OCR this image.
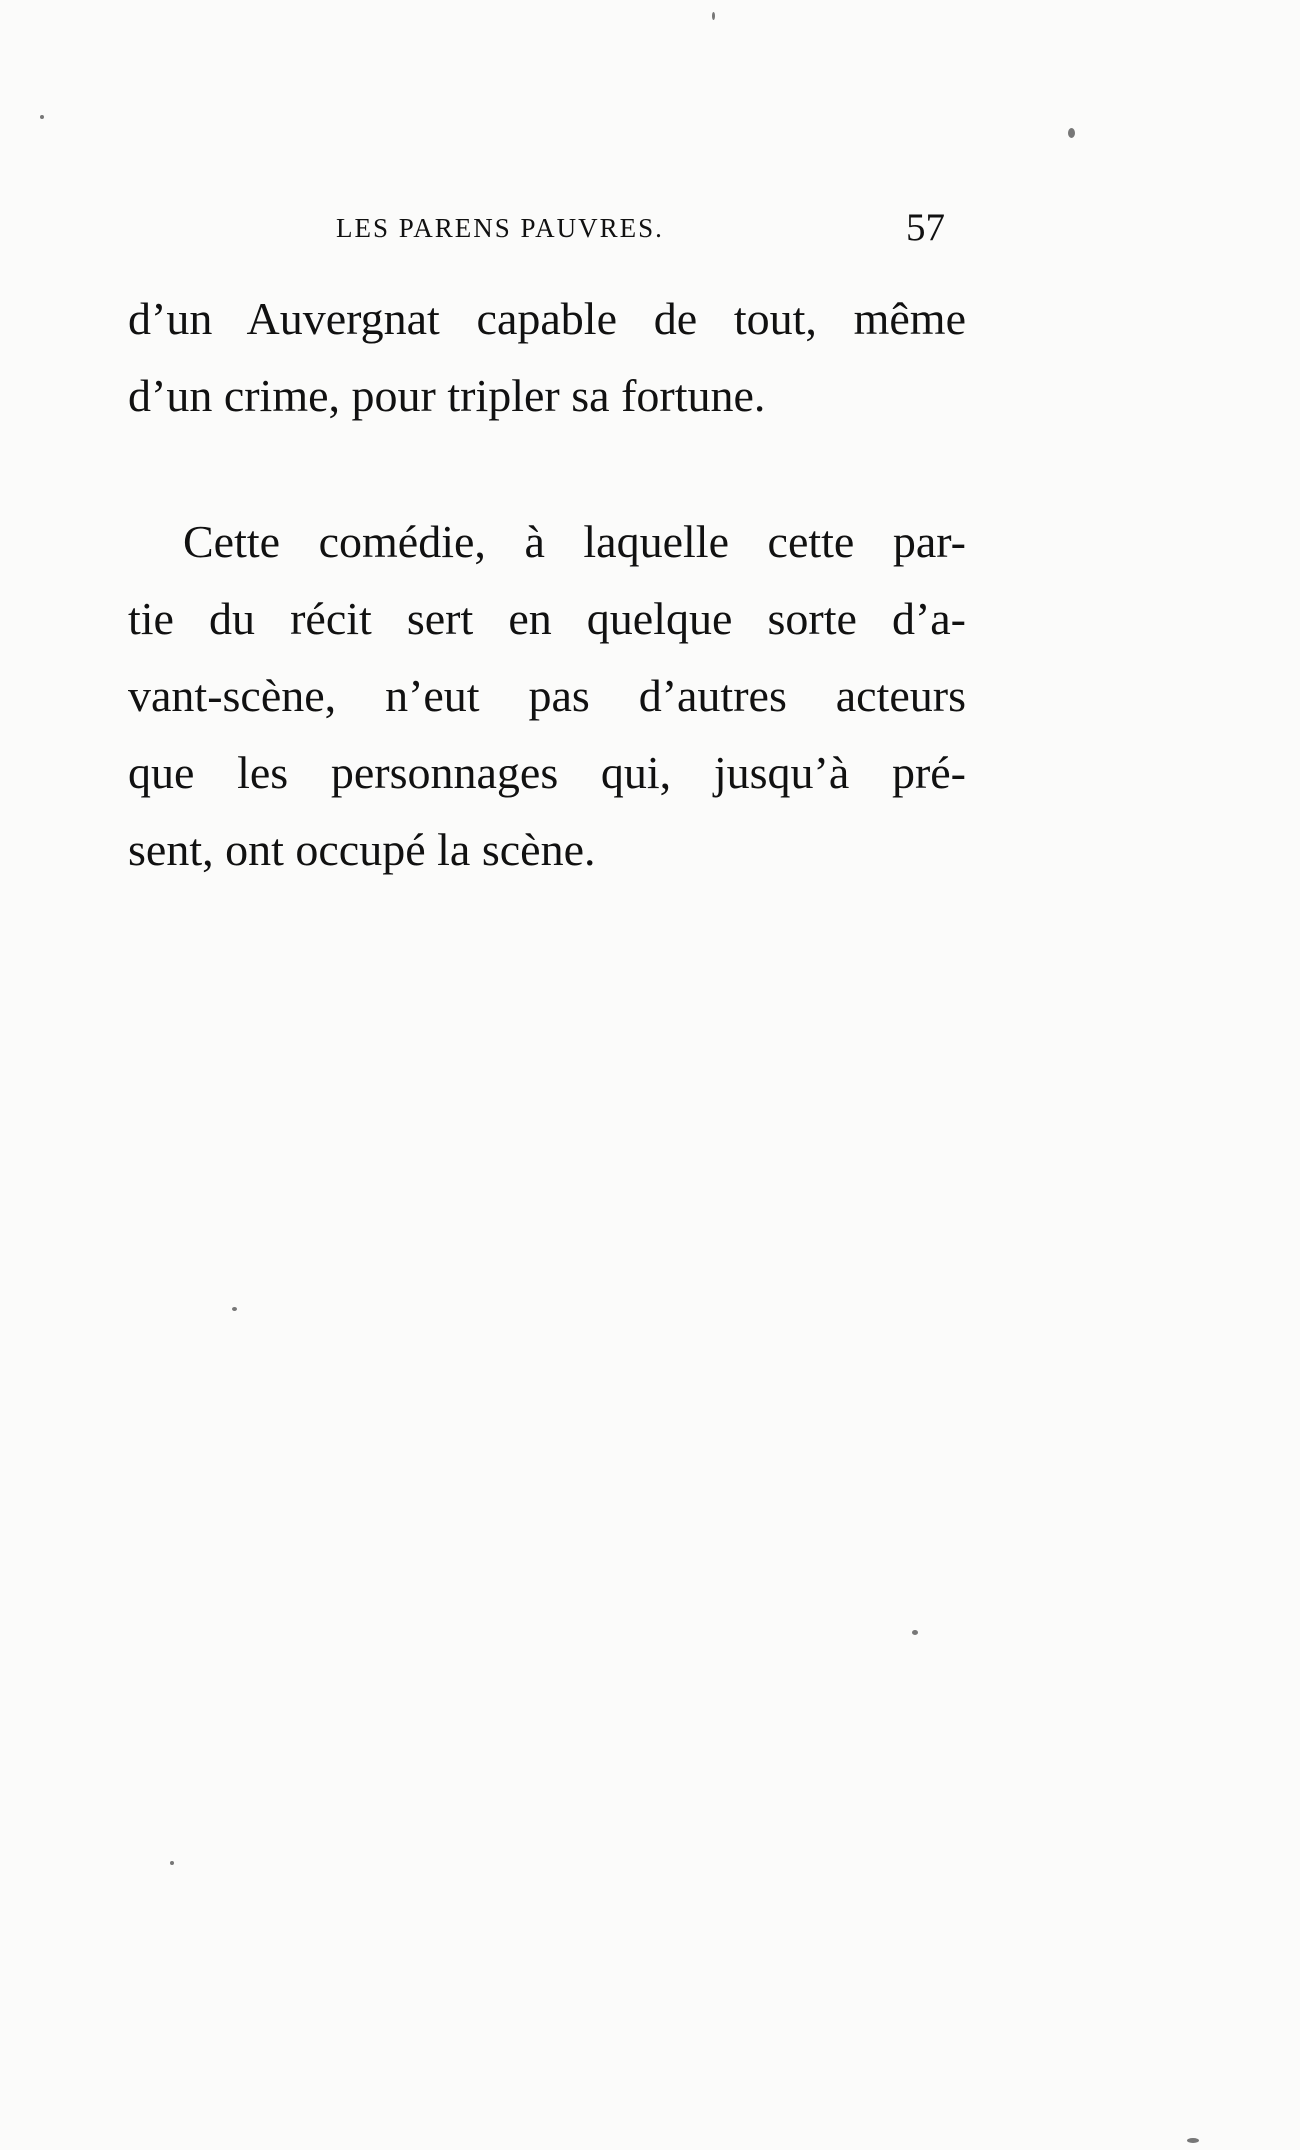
LES PARENS PAUVRES.	57
d’un Auvergnat capable de tout, même
d’un crime, pour tripler sa fortune.
Cette comédie, à laquelle cette par-
tie du récit sert en quelque sorte d’a-
vant-scène, n’eut pas d’autres acteurs
que les personnages qui, jusqu’à pré-
sent, ont occupé la scène.
